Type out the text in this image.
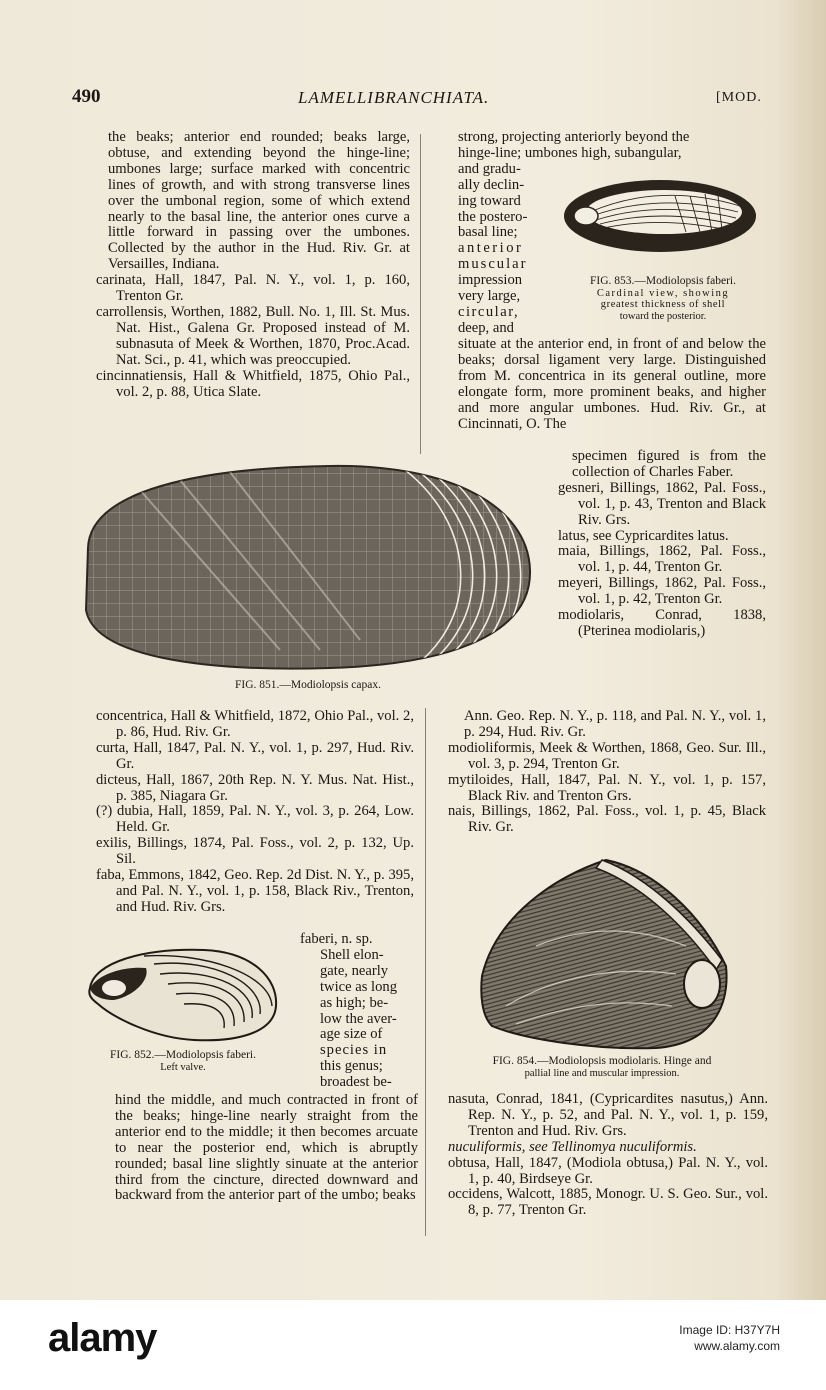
490	LAMELLIBRANCHIATA.	[MOD.

the beaks; anterior end rounded; beaks large, obtuse, and extending beyond the hinge-line; umbones large; surface marked with concentric lines of growth, and with strong transverse lines over the umbonal region, some of which extend nearly to the basal line, the anterior ones curve a little forward in passing over the umbones. Collected by the author in the Hud. Riv. Gr. at Versailles, Indiana.

carinata, Hall, 1847, Pal. N. Y., vol. 1, p. 160, Trenton Gr.

carrollensis, Worthen, 1882, Bull. No. 1, Ill. St. Mus. Nat. Hist., Galena Gr. Proposed instead of M. subnasuta of Meek & Worthen, 1870, Proc.Acad. Nat. Sci., p. 41, which was preoccupied.

cincinnatiensis, Hall & Whitfield, 1875, Ohio Pal., vol. 2, p. 88, Utica Slate.

strong, projecting anteriorly beyond the
hinge-line; umbones high, subangular,
and gradu-
ally declin-
ing toward
the postero-
basal line;
anterior
muscular
impression
very large,
circular,
deep, and
FIG. 853.—Modiolopsis faberi.
Cardinal view, showing
greatest thickness of shell
toward the posterior.

situate at the anterior end, in front of and below the beaks; dorsal ligament very large. Distinguished from M. concentrica in its general outline, more elongate form, more prominent beaks, and higher and more angular umbones. Hud. Riv. Gr., at Cincinnati, O. The

specimen figured is from the collection of Charles Faber.

gesneri, Billings, 1862, Pal. Foss., vol. 1, p. 43, Trenton and Black Riv. Grs.

latus, see Cypricardites latus.

maia, Billings, 1862, Pal. Foss., vol. 1, p. 44, Trenton Gr.

meyeri, Billings, 1862, Pal. Foss., vol. 1, p. 42, Trenton Gr.

modiolaris, Conrad, 1838, (Pterinea modiolaris,)

FIG. 851.—Modiolopsis capax.

concentrica, Hall & Whitfield, 1872, Ohio Pal., vol. 2, p. 86, Hud. Riv. Gr.

curta, Hall, 1847, Pal. N. Y., vol. 1, p. 297, Hud. Riv. Gr.

dicteus, Hall, 1867, 20th Rep. N. Y. Mus. Nat. Hist., p. 385, Niagara Gr.

(?) dubia, Hall, 1859, Pal. N. Y., vol. 3, p. 264, Low. Held. Gr.

exilis, Billings, 1874, Pal. Foss., vol. 2, p. 132, Up. Sil.

faba, Emmons, 1842, Geo. Rep. 2d Dist. N. Y., p. 395, and Pal. N. Y., vol. 1, p. 158, Black Riv., Trenton, and Hud. Riv. Grs.

Ann. Geo. Rep. N. Y., p. 118, and Pal. N. Y., vol. 1, p. 294, Hud. Riv. Gr.

modioliformis, Meek & Worthen, 1868, Geo. Sur. Ill., vol. 3, p. 294, Trenton Gr.

mytiloides, Hall, 1847, Pal. N. Y., vol. 1, p. 157, Black Riv. and Trenton Grs.

nais, Billings, 1862, Pal. Foss., vol. 1, p. 45, Black Riv. Gr.

FIG. 852.—Modiolopsis faberi.
Left valve.
faberi, n. sp.
Shell elon-
gate, nearly
twice as long
as high; be-
low the aver-
age size of
species in
this genus;
broadest be-

hind the middle, and much contracted in front of the beaks; hinge-line nearly straight from the anterior end to the middle; it then becomes arcuate to near the posterior end, which is abruptly rounded; basal line slightly sinuate at the anterior third from the cincture, directed downward and backward from the anterior part of the umbo; beaks

FIG. 854.—Modiolopsis modiolaris. Hinge and
pallial line and muscular impression.

nasuta, Conrad, 1841, (Cypricardites nasutus,) Ann. Rep. N. Y., p. 52, and Pal. N. Y., vol. 1, p. 159, Trenton and Hud. Riv. Grs.

nuculiformis, see Tellinomya nuculiformis.

obtusa, Hall, 1847, (Modiola obtusa,) Pal. N. Y., vol. 1, p. 40, Birdseye Gr.

occidens, Walcott, 1885, Monogr. U. S. Geo. Sur., vol. 8, p. 77, Trenton Gr.

alamy	Image ID: H37Y7H
www.alamy.com
